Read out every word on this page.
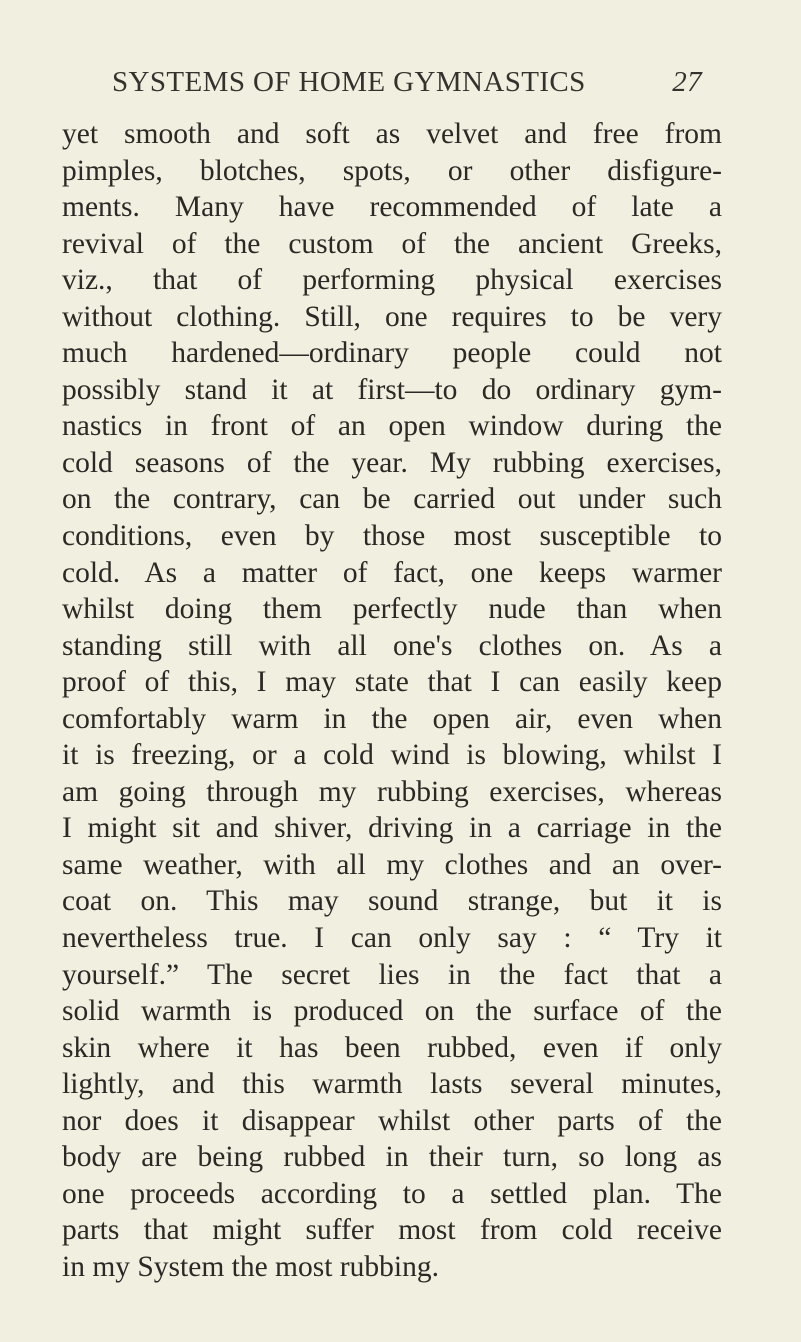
SYSTEMS OF HOME GYMNASTICS	27
yet smooth and soft as velvet and free from
pimples, blotches, spots, or other disfigure-
ments. Many have recommended of late a
revival of the custom of the ancient Greeks,
viz., that of performing physical exercises
without clothing. Still, one requires to be very
much hardened—ordinary people could not
possibly stand it at first—to do ordinary gym-
nastics in front of an open window during the
cold seasons of the year. My rubbing exercises,
on the contrary, can be carried out under such
conditions, even by those most susceptible to
cold. As a matter of fact, one keeps warmer
whilst doing them perfectly nude than when
standing still with all one's clothes on. As a
proof of this, I may state that I can easily keep
comfortably warm in the open air, even when
it is freezing, or a cold wind is blowing, whilst I
am going through my rubbing exercises, whereas
I might sit and shiver, driving in a carriage in the
same weather, with all my clothes and an over-
coat on. This may sound strange, but it is
nevertheless true. I can only say : “ Try it
yourself.” The secret lies in the fact that a
solid warmth is produced on the surface of the
skin where it has been rubbed, even if only
lightly, and this warmth lasts several minutes,
nor does it disappear whilst other parts of the
body are being rubbed in their turn, so long as
one proceeds according to a settled plan. The
parts that might suffer most from cold receive
in my System the most rubbing.
